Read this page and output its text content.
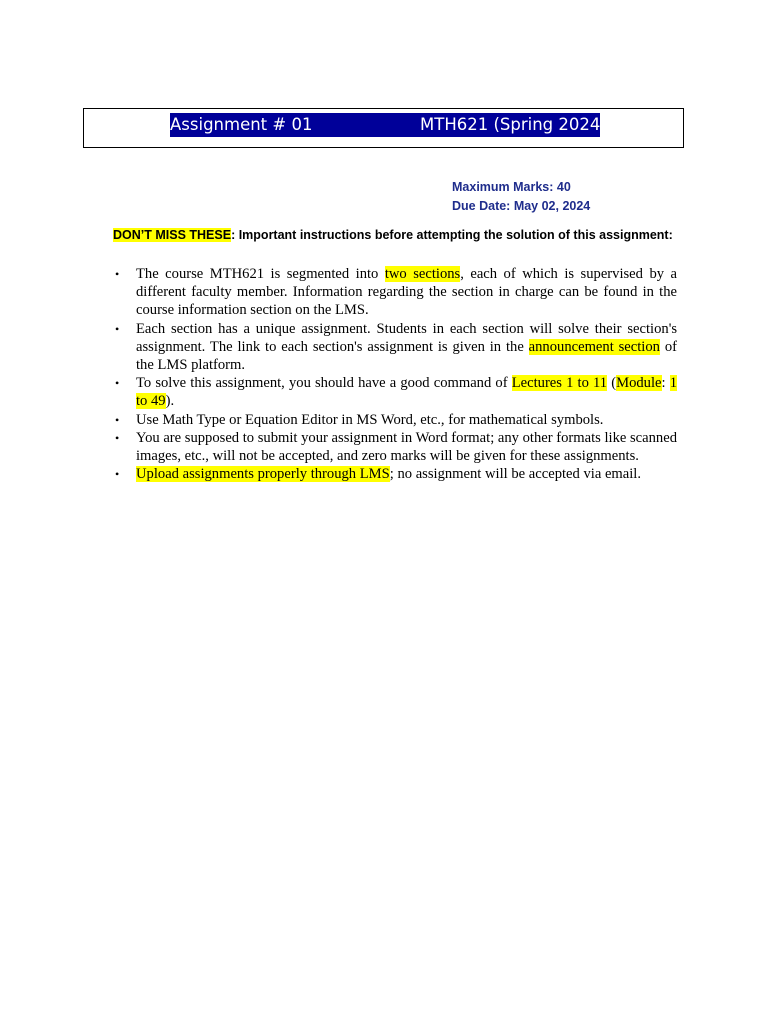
Assignment # 01	MTH621 (Spring 2024)
Maximum Marks: 40
Due Date: May 02, 2024
DON’T MISS THESE: Important instructions before attempting the solution of this assignment:
• The course MTH621 is segmented into two sections, each of which is supervised by a different faculty member. Information regarding the section in charge can be found in the course information section on the LMS.
• Each section has a unique assignment. Students in each section will solve their section's assignment. The link to each section's assignment is given in the announcement section of the LMS platform.
• To solve this assignment, you should have a good command of Lectures 1 to 11 (Module: 1 to 49).
• Use Math Type or Equation Editor in MS Word, etc., for mathematical symbols.
• You are supposed to submit your assignment in Word format; any other formats like scanned images, etc., will not be accepted, and zero marks will be given for these assignments.
• Upload assignments properly through LMS; no assignment will be accepted via email.
